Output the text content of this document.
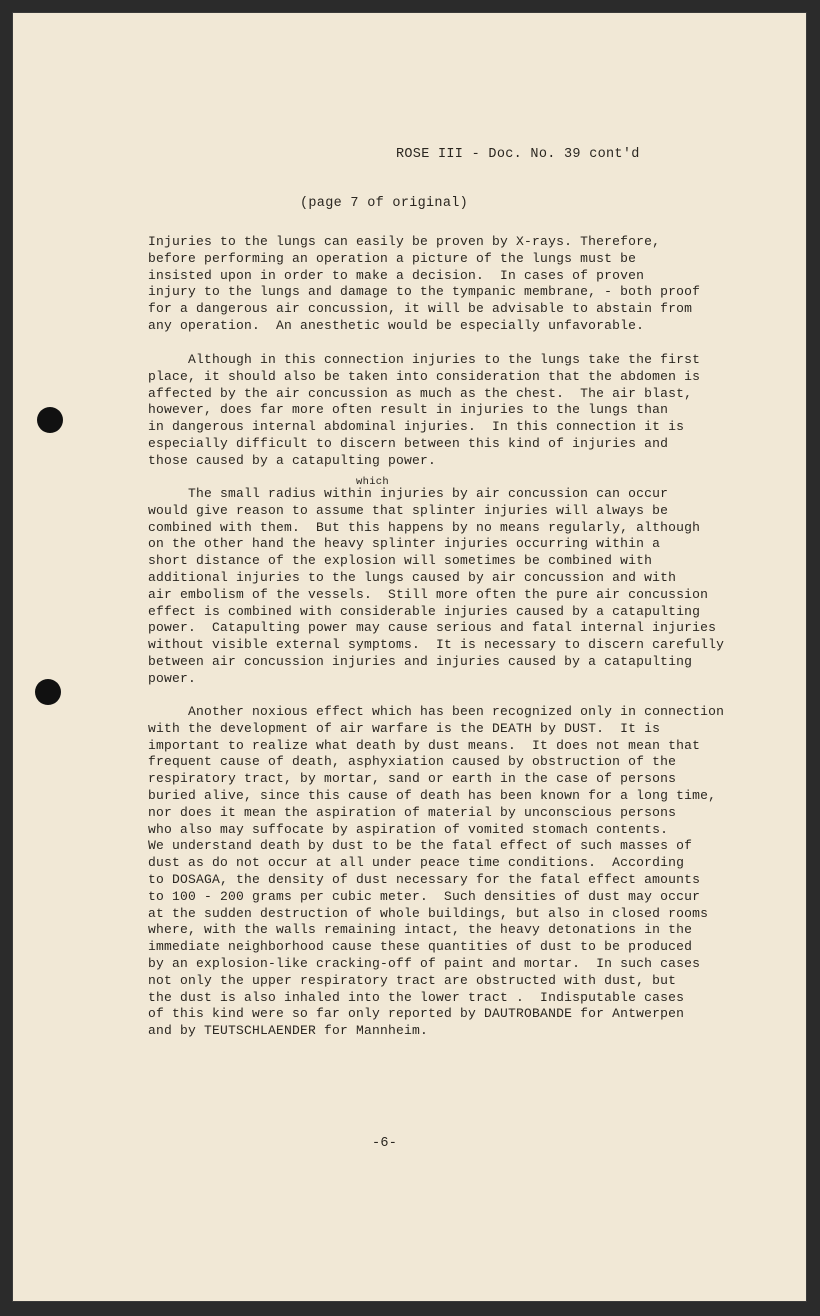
ROSE III - Doc. No. 39 cont'd
(page 7 of original)
which
Injuries to the lungs can easily be proven by X-rays. Therefore,
before performing an operation a picture of the lungs must be
insisted upon in order to make a decision.  In cases of proven
injury to the lungs and damage to the tympanic membrane, - both proof
for a dangerous air concussion, it will be advisable to abstain from
any operation.  An anesthetic would be especially unfavorable.
Although in this connection injuries to the lungs take the first
place, it should also be taken into consideration that the abdomen is
affected by the air concussion as much as the chest.  The air blast,
however, does far more often result in injuries to the lungs than
in dangerous internal abdominal injuries.  In this connection it is
especially difficult to discern between this kind of injuries and
those caused by a catapulting power.
The small radius within injuries by air concussion can occur
would give reason to assume that splinter injuries will always be
combined with them.  But this happens by no means regularly, although
on the other hand the heavy splinter injuries occurring within a
short distance of the explosion will sometimes be combined with
additional injuries to the lungs caused by air concussion and with
air embolism of the vessels.  Still more often the pure air concussion
effect is combined with considerable injuries caused by a catapulting
power.  Catapulting power may cause serious and fatal internal injuries
without visible external symptoms.  It is necessary to discern carefully
between air concussion injuries and injuries caused by a catapulting
power.
Another noxious effect which has been recognized only in connection
with the development of air warfare is the DEATH by DUST.  It is
important to realize what death by dust means.  It does not mean that
frequent cause of death, asphyxiation caused by obstruction of the
respiratory tract, by mortar, sand or earth in the case of persons
buried alive, since this cause of death has been known for a long time,
nor does it mean the aspiration of material by unconscious persons
who also may suffocate by aspiration of vomited stomach contents.
We understand death by dust to be the fatal effect of such masses of
dust as do not occur at all under peace time conditions.  According
to DOSAGA, the density of dust necessary for the fatal effect amounts
to 100 - 200 grams per cubic meter.  Such densities of dust may occur
at the sudden destruction of whole buildings, but also in closed rooms
where, with the walls remaining intact, the heavy detonations in the
immediate neighborhood cause these quantities of dust to be produced
by an explosion-like cracking-off of paint and mortar.  In such cases
not only the upper respiratory tract are obstructed with dust, but
the dust is also inhaled into the lower tract .  Indisputable cases
of this kind were so far only reported by DAUTROBANDE for Antwerpen
and by TEUTSCHLAENDER for Mannheim.
-6-
